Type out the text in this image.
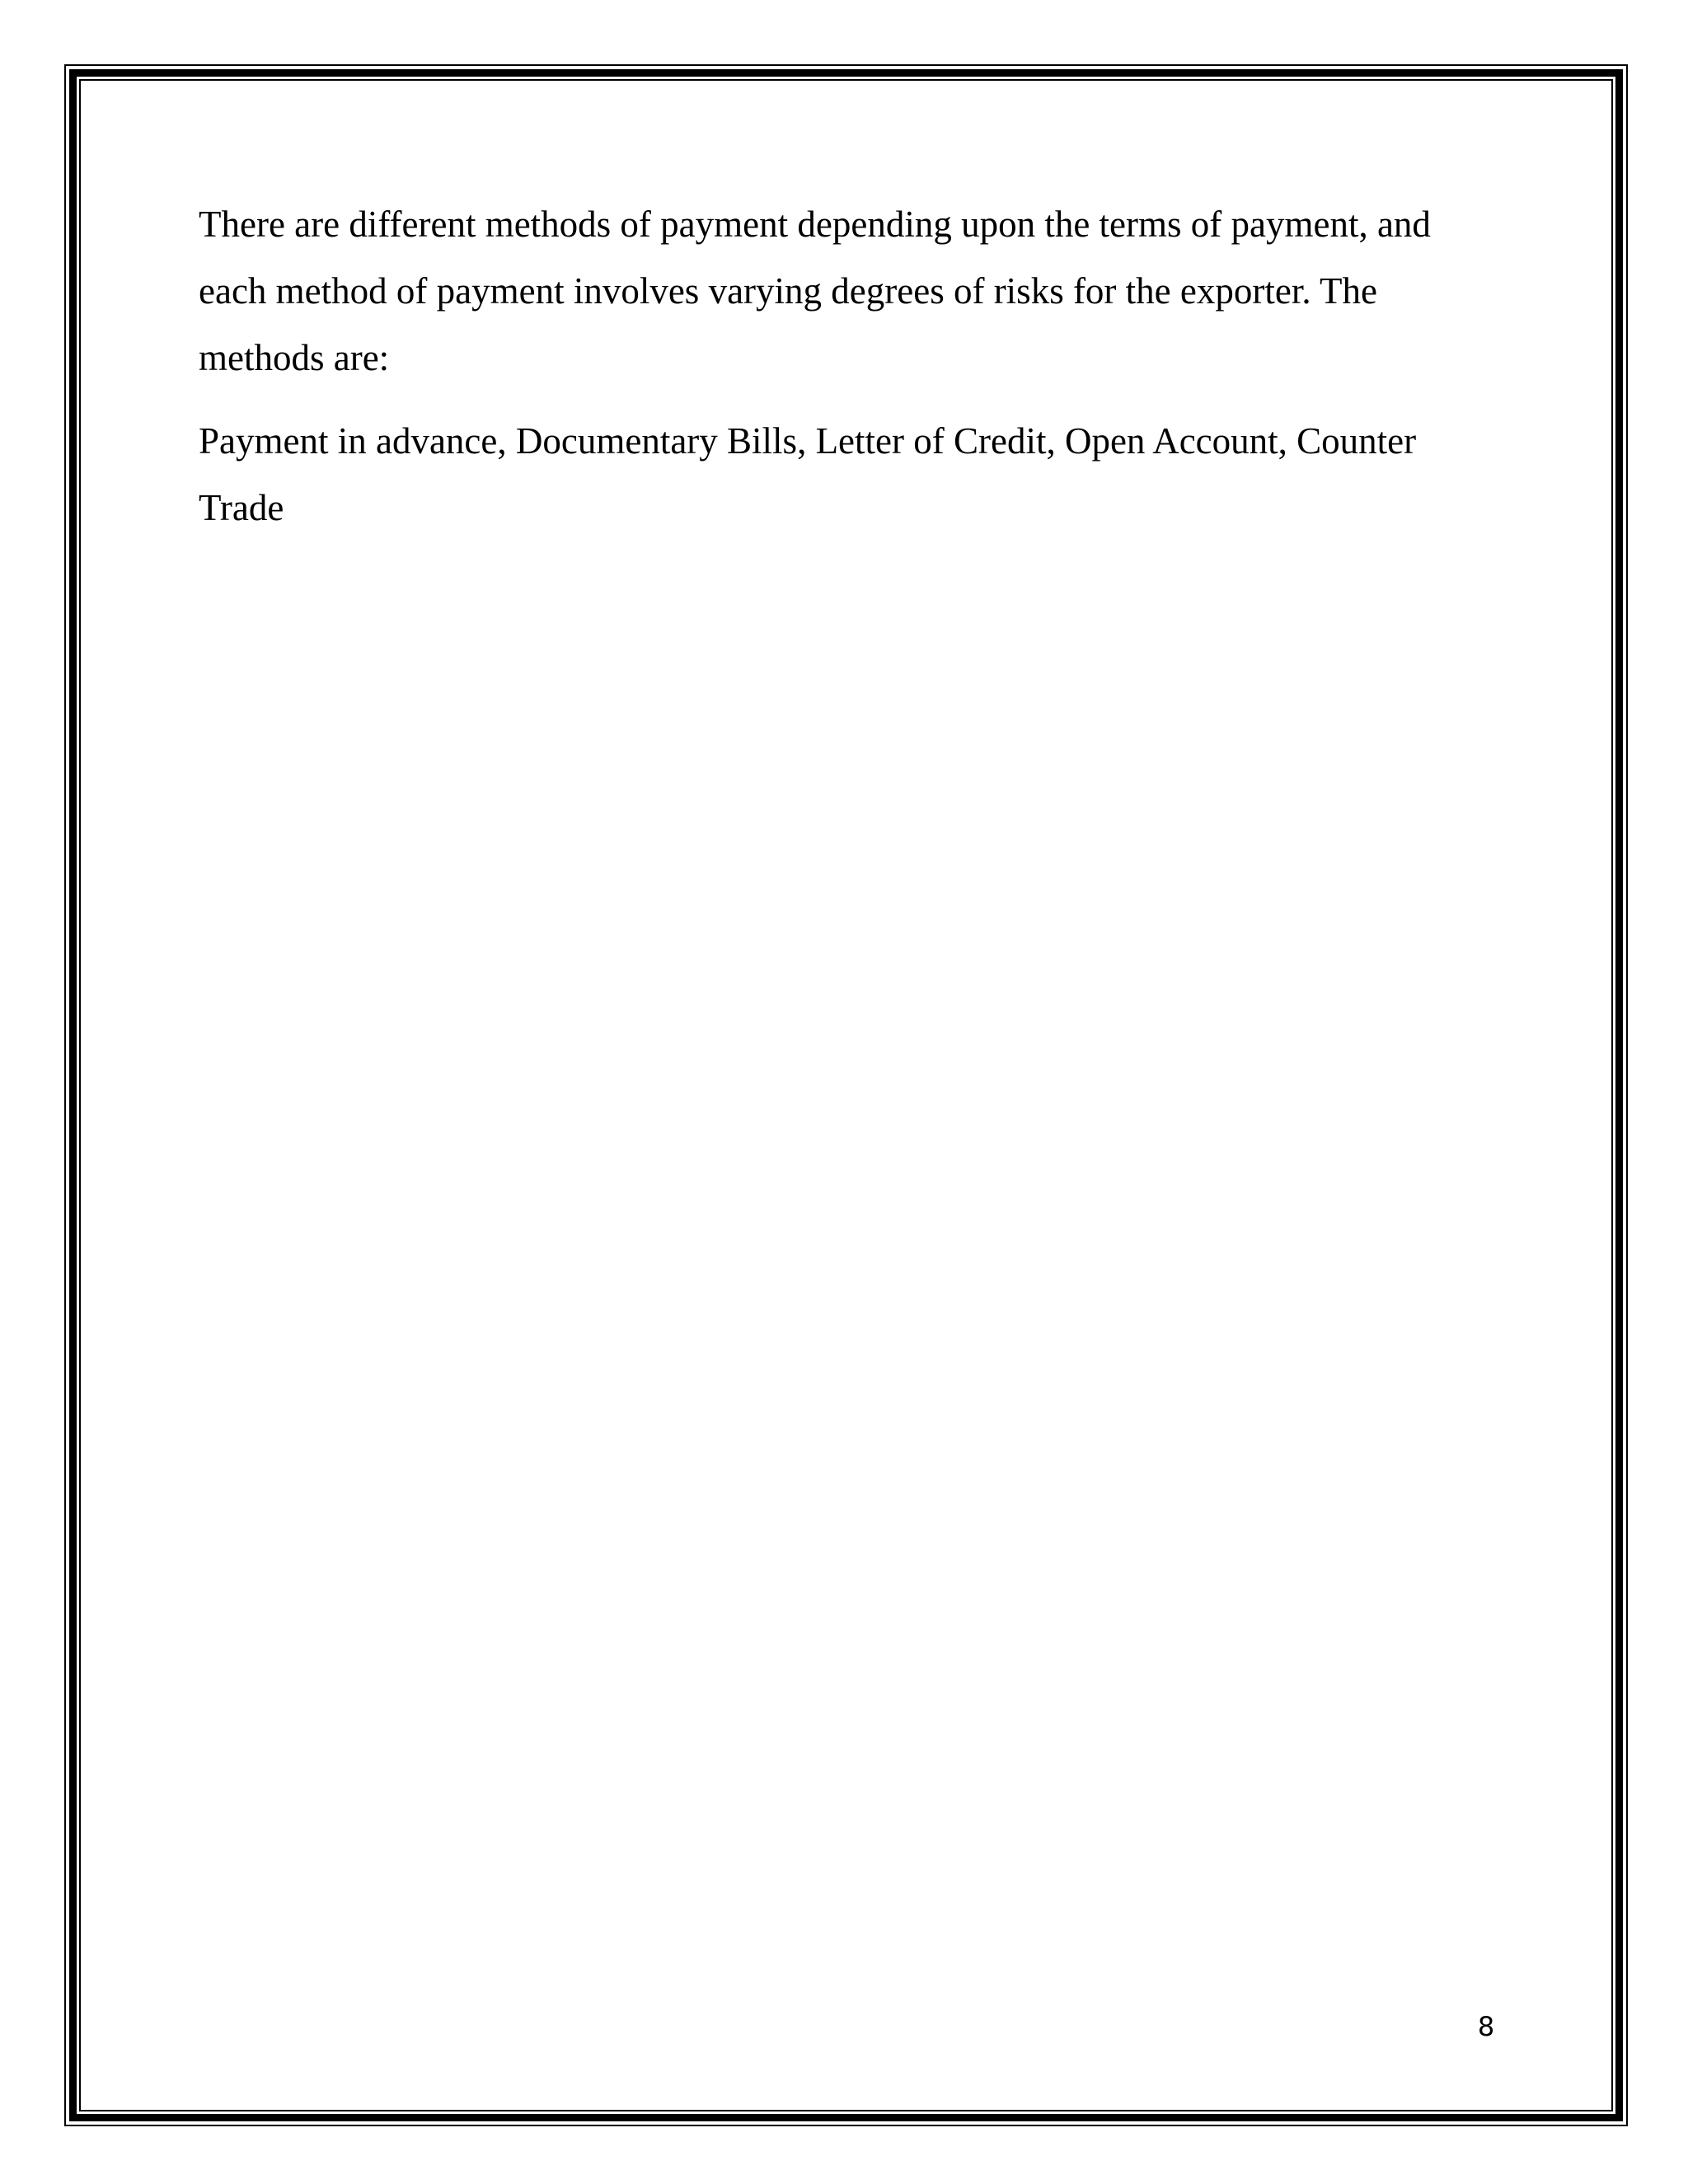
There are different methods of payment depending upon the terms of payment, and each method of payment involves varying degrees of risks for the exporter. The methods are:

Payment in advance, Documentary Bills, Letter of Credit, Open Account, Counter Trade

8
